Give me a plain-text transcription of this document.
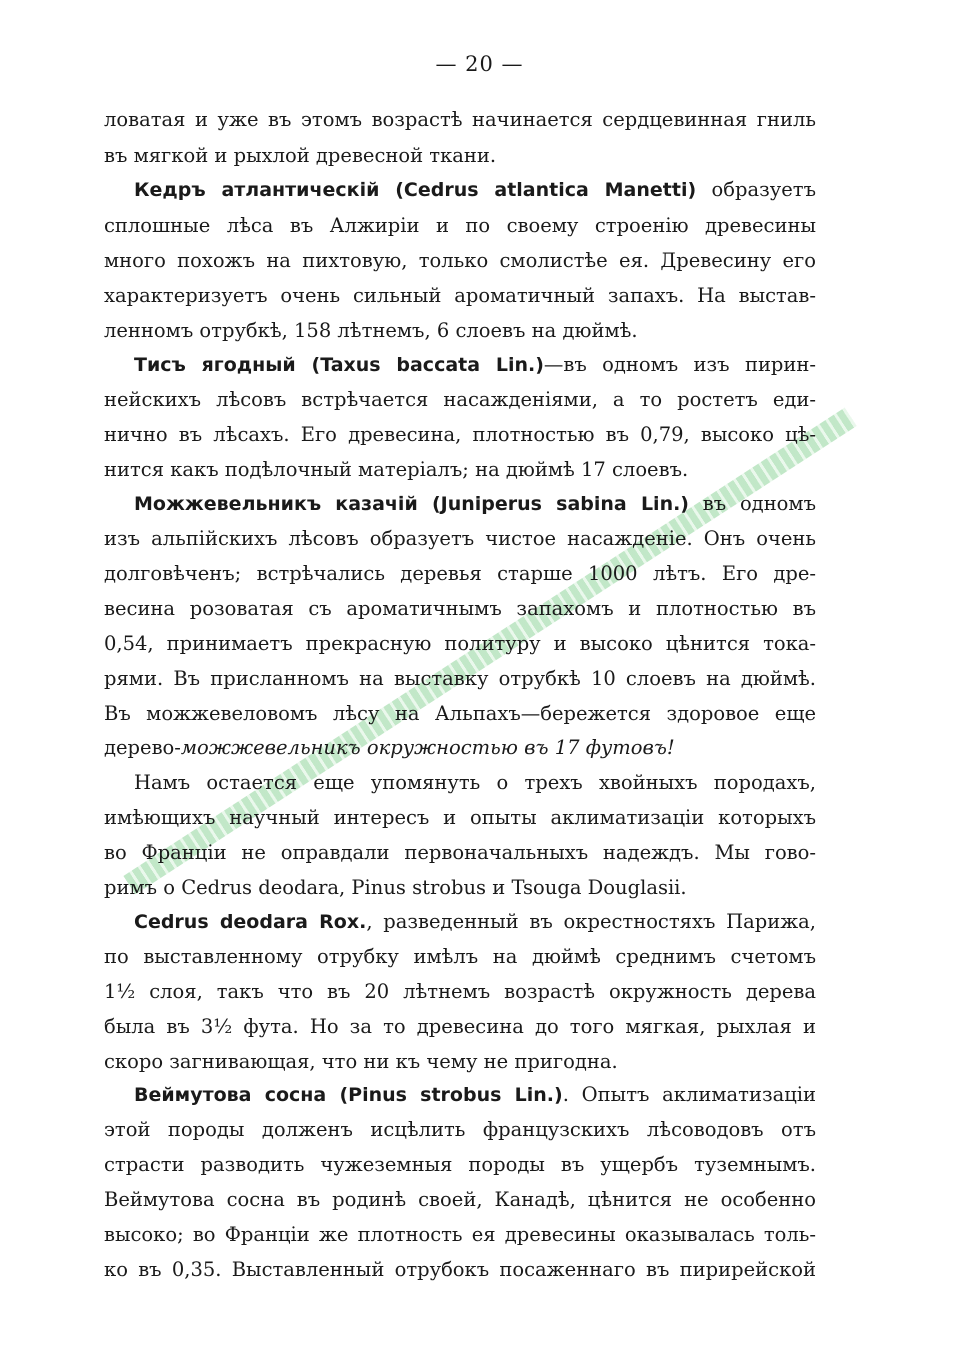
— 20 —
ловатая и уже въ этомъ возрастѣ начинается сердцевинная гниль
въ мягкой и рыхлой древесной ткани.
Кедръ атлантическій (Cedrus atlantica Manetti) образуетъ
сплошные лѣса въ Алжиріи и по своему строенію древесины
много похожъ на пихтовую, только смолистѣе ея. Древесину его
характеризуетъ очень сильный ароматичный запахъ. На выстав-
ленномъ отрубкѣ, 158 лѣтнемъ, 6 слоевъ на дюймѣ.
Тисъ ягодный (Taxus baccata Lin.)—въ одномъ изъ пирин-
нейскихъ лѣсовъ встрѣчается насажденіями, а то ростетъ еди-
нично въ лѣсахъ. Его древесина, плотностью въ 0,79, высоко цѣ-
нится какъ подѣлочный матеріалъ; на дюймѣ 17 слоевъ.
Можжевельникъ казачій (Juniperus sabina Lin.) въ одномъ
изъ альпійскихъ лѣсовъ образуетъ чистое насажденіе. Онъ очень
долговѣченъ; встрѣчались деревья старше 1000 лѣтъ. Его дре-
весина розоватая съ ароматичнымъ запахомъ и плотностью въ
0,54, принимаетъ прекрасную политуру и высоко цѣнится тока-
рями. Въ присланномъ на выставку отрубкѣ 10 слоевъ на дюймѣ.
Въ можжевеловомъ лѣсу на Альпахъ—бережется здоровое еще
дерево-можжевельникъ окружностью въ 17 футовъ!
Намъ остается еще упомянуть о трехъ хвойныхъ породахъ,
имѣющихъ научный интересъ и опыты аклиматизаціи которыхъ
во Франціи не оправдали первоначальныхъ надеждъ. Мы гово-
римъ о Cedrus deodara, Pinus strobus и Tsouga Douglasii.
Cedrus deodara Rox., разведенный въ окрестностяхъ Парижа,
по выставленному отрубку имѣлъ на дюймѣ среднимъ счетомъ
1½ слоя, такъ что въ 20 лѣтнемъ возрастѣ окружность дерева
была въ 3½ фута. Но за то древесина до того мягкая, рыхлая и
скоро загнивающая, что ни къ чему не пригодна.
Веймутова сосна (Pinus strobus Lin.). Опытъ аклиматизаціи
этой породы долженъ исцѣлить французскихъ лѣсоводовъ отъ
страсти разводить чужеземныя породы въ ущербъ туземнымъ.
Веймутова сосна въ родинѣ своей, Канадѣ, цѣнится не особенно
высоко; во Франціи же плотность ея древесины оказывалась толь-
ко въ 0,35. Выставленный отрубокъ посаженнаго въ пирирейской
